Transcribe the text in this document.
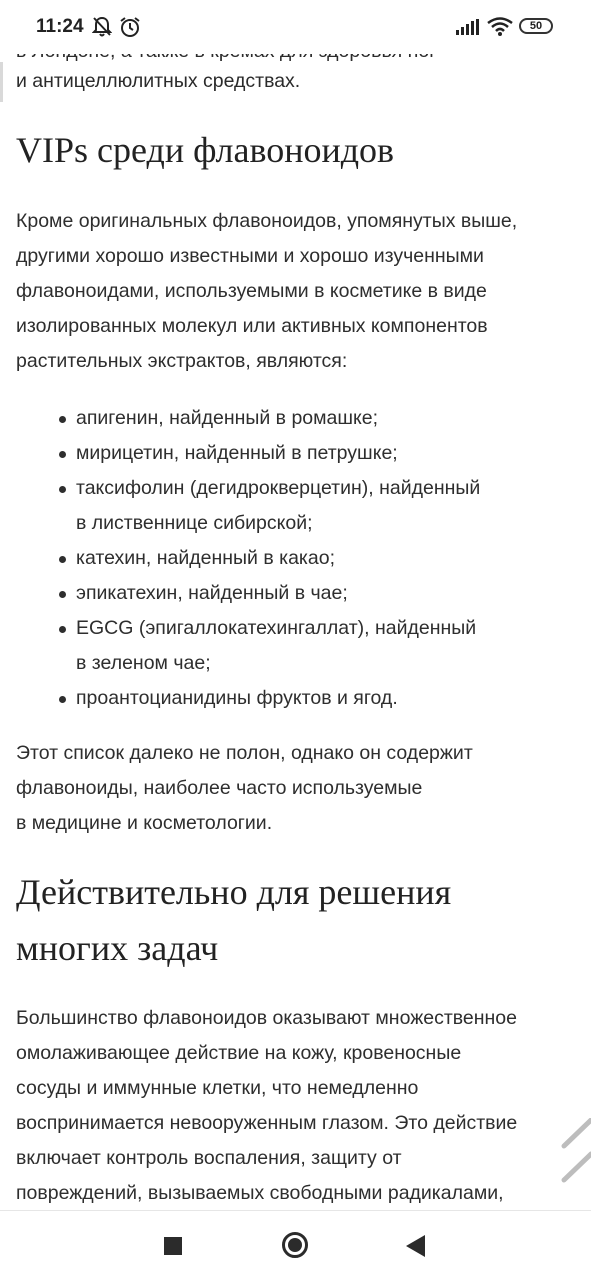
11:24	50
и антицеллюлитных средствах.
VIPs среди флавоноидов
Кроме оригинальных флавоноидов, упомянутых выше,
другими хорошо известными и хорошо изученными
флавоноидами, используемыми в косметике в виде
изолированных молекул или активных компонентов
растительных экстрактов, являются:
апигенин, найденный в ромашке;
мирицетин, найденный в петрушке;
таксифолин (дегидрокверцетин), найденный
в лиственнице сибирской;
катехин, найденный в какао;
эпикатехин, найденный в чае;
EGCG (эпигаллокатехингаллат), найденный
в зеленом чае;
проантоцианидины фруктов и ягод.
Этот список далеко не полон, однако он содержит
флавоноиды, наиболее часто используемые
в медицине и косметологии.
Действительно для решения
многих задач
Большинство флавоноидов оказывают множественное
омолаживающее действие на кожу, кровеносные
сосуды и иммунные клетки, что немедленно
воспринимается невооруженным глазом. Это действие
включает контроль воспаления, защиту от
повреждений, вызываемых свободными радикалами,
